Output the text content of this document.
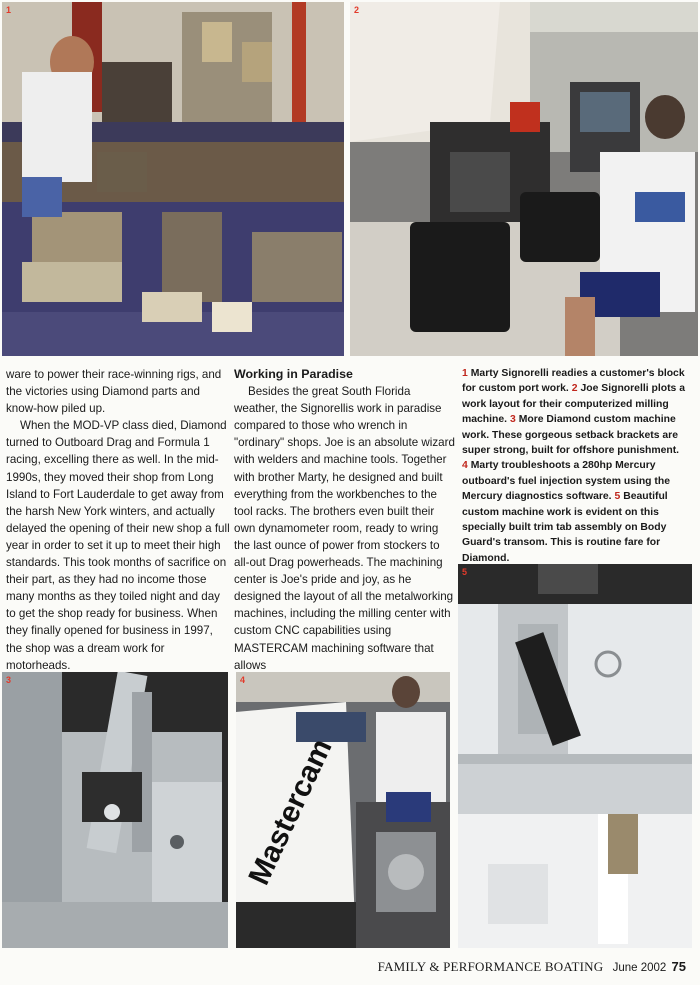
1	2

ware to power their race-winning rigs, and the victories using Diamond parts and know-how piled up.

When the MOD-VP class died, Diamond turned to Outboard Drag and Formula 1 racing, excelling there as well. In the mid-1990s, they moved their shop from Long Island to Fort Lauderdale to get away from the harsh New York winters, and actually delayed the opening of their new shop a full year in order to set it up to meet their high standards. This took months of sacrifice on their part, as they had no income those many months as they toiled night and day to get the shop ready for business. When they finally opened for business in 1997, the shop was a dream work for motorheads.

Working in Paradise

Besides the great South Florida weather, the Signorellis work in paradise compared to those who wrench in "ordinary" shops. Joe is an absolute wizard with welders and machine tools. Together with brother Marty, he designed and built everything from the workbenches to the tool racks. The brothers even built their own dynamometer room, ready to wring the last ounce of power from stockers to all-out Drag powerheads. The machining center is Joe's pride and joy, as he designed the layout of all the metalworking machines, including the milling center with custom CNC capabilities using MASTERCAM machining software that allows

1 Marty Signorelli readies a customer's block for custom port work. 2 Joe Signorelli plots a work layout for their computerized milling machine. 3 More Diamond custom machine work. These gorgeous setback brackets are super strong, built for offshore punishment. 4 Marty troubleshoots a 280hp Mercury outboard's fuel injection system using the Mercury diagnostics software. 5 Beautiful custom machine work is evident on this specially built trim tab assembly on Body Guard's transom. This is routine fare for Diamond.
3
Mastercam
4
5
FAMILY & PERFORMANCE BOATING June 2002 75
